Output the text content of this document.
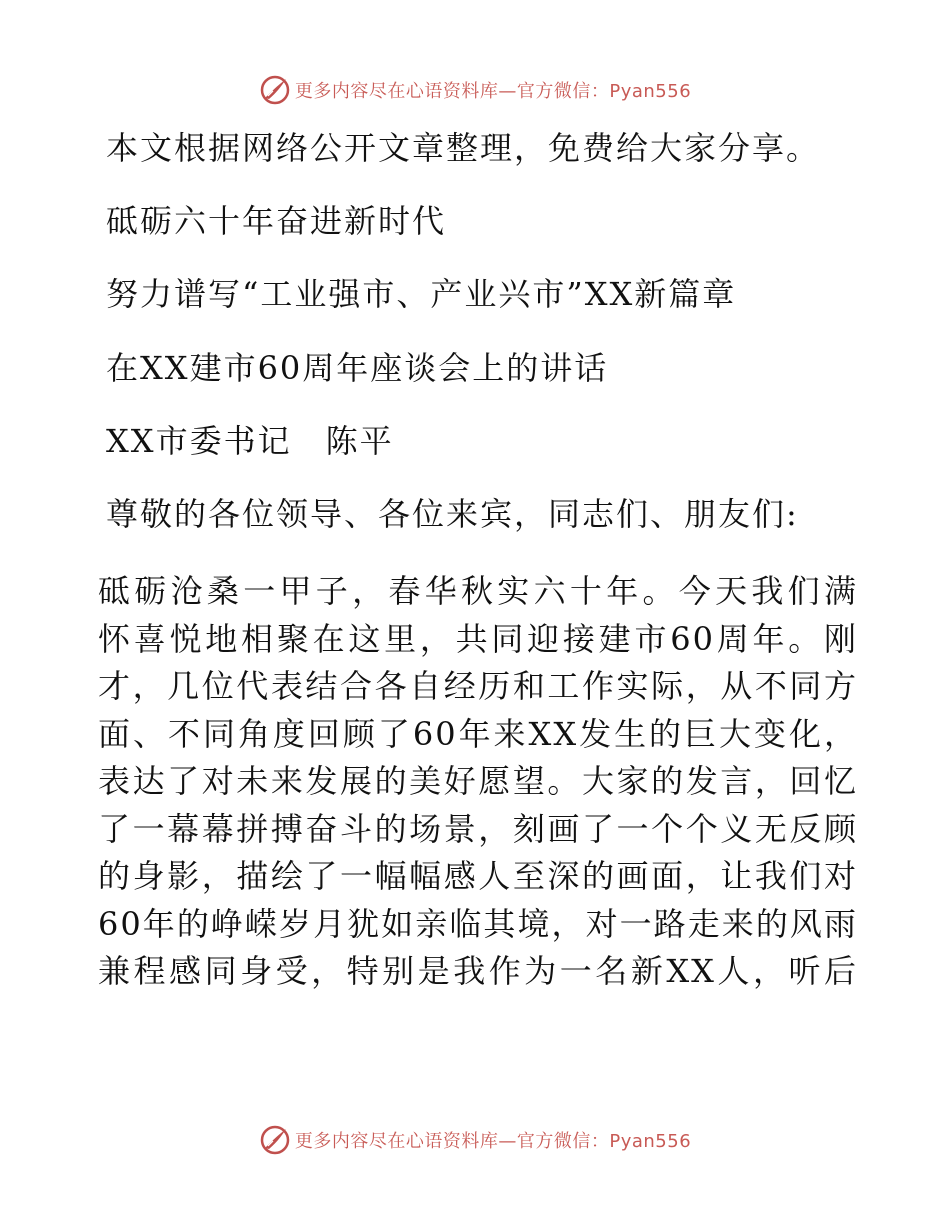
更多内容尽在心语资料库—官方微信：Pyan556
本文根据网络公开文章整理，免费给大家分享。
砥砺六十年奋进新时代
努力谱写“工业强市、产业兴市”XX新篇章
在XX建市60周年座谈会上的讲话
XX市委书记　陈平
尊敬的各位领导、各位来宾，同志们、朋友们:
砥砺沧桑一甲子，春华秋实六十年。今天我们满
怀喜悦地相聚在这里，共同迎接建市60周年。刚
才，几位代表结合各自经历和工作实际，从不同方
面、不同角度回顾了60年来XX发生的巨大变化，
表达了对未来发展的美好愿望。大家的发言，回忆
了一幕幕拼搏奋斗的场景，刻画了一个个义无反顾
的身影，描绘了一幅幅感人至深的画面，让我们对
60年的峥嵘岁月犹如亲临其境，对一路走来的风雨
兼程感同身受，特别是我作为一名新XX人，听后
更多内容尽在心语资料库—官方微信：Pyan556
